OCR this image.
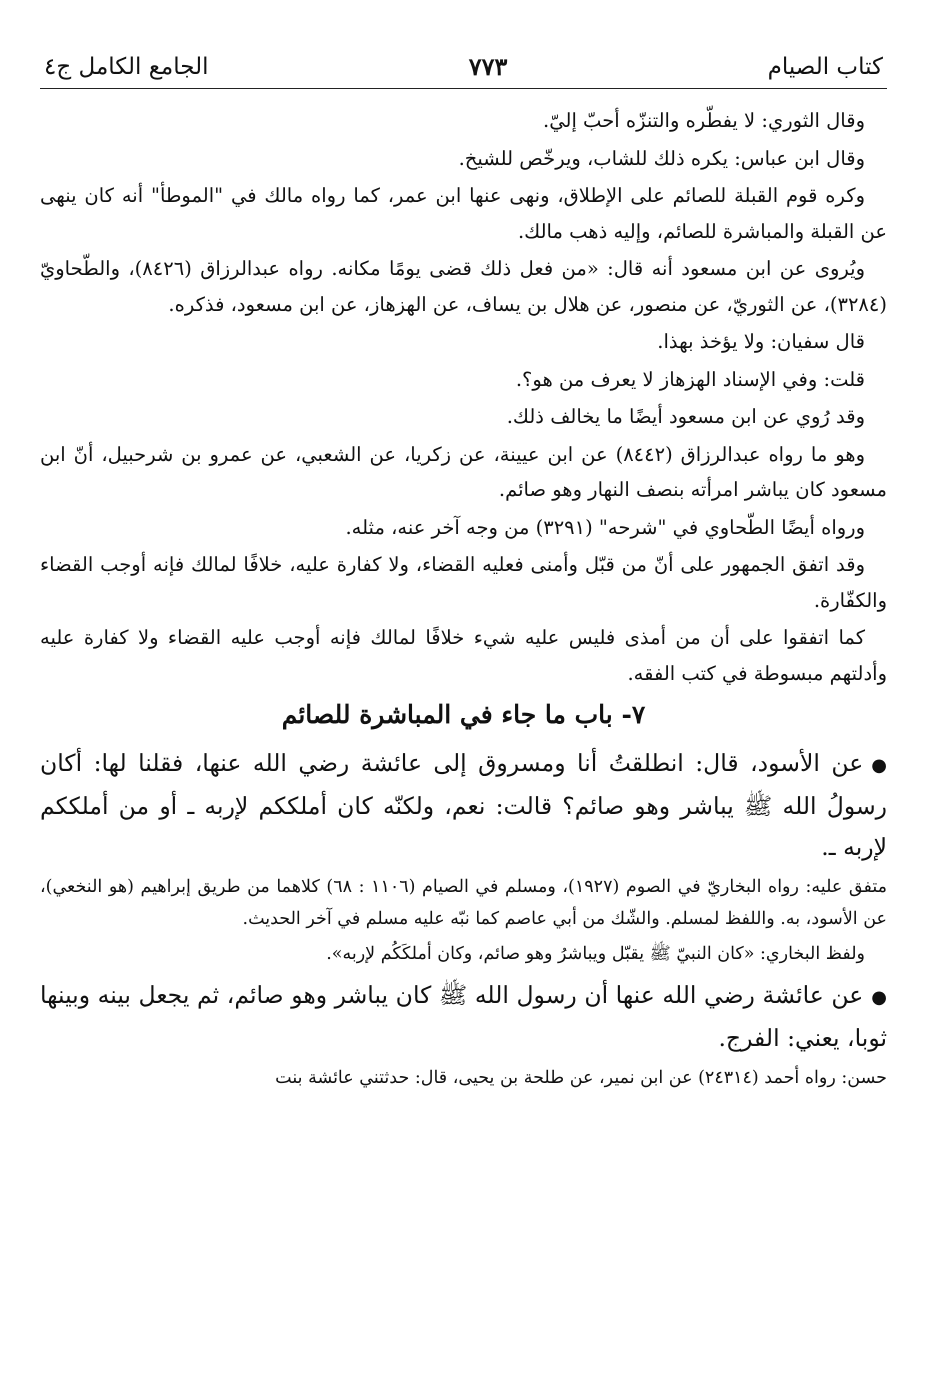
كتاب الصيام
٧٧٣
الجامع الكامل ج٤

وقال الثوري: لا يفطّره والتنزّه أحبّ إليّ.

وقال ابن عباس: يكره ذلك للشاب، ويرخّص للشيخ.

وكره قوم القبلة للصائم على الإطلاق، ونهى عنها ابن عمر، كما رواه مالك في "الموطأ" أنه كان ينهى عن القبلة والمباشرة للصائم، وإليه ذهب مالك.

ويُروى عن ابن مسعود أنه قال: «من فعل ذلك قضى يومًا مكانه. رواه عبدالرزاق (٨٤٢٦)، والطّحاويّ (٣٢٨٤)، عن الثوريّ، عن منصور، عن هلال بن يساف، عن الهزهاز، عن ابن مسعود، فذكره.

قال سفيان: ولا يؤخذ بهذا.

قلت: وفي الإسناد الهزهاز لا يعرف من هو؟.

وقد رُوي عن ابن مسعود أيضًا ما يخالف ذلك.

وهو ما رواه عبدالرزاق (٨٤٤٢) عن ابن عيينة، عن زكريا، عن الشعبي، عن عمرو بن شرحبيل، أنّ ابن مسعود كان يباشر امرأته بنصف النهار وهو صائم.

ورواه أيضًا الطّحاوي في "شرحه" (٣٢٩١) من وجه آخر عنه، مثله.

وقد اتفق الجمهور على أنّ من قبّل وأمنى فعليه القضاء، ولا كفارة عليه، خلافًا لمالك فإنه أوجب القضاء والكفّارة.

كما اتفقوا على أن من أمذى فليس عليه شيء خلافًا لمالك فإنه أوجب عليه القضاء ولا كفارة عليه وأدلتهم مبسوطة في كتب الفقه.

٧- باب ما جاء في المباشرة للصائم

●عن الأسود، قال: انطلقتُ أنا ومسروق إلى عائشة رضي الله عنها، فقلنا لها: أكان رسولُ الله ﷺ يباشر وهو صائم؟ قالت: نعم، ولكنّه كان أملككم لإربه ـ أو من أملككم لإربه ـ.

متفق عليه: رواه البخاريّ في الصوم (١٩٢٧)، ومسلم في الصيام (١١٠٦ : ٦٨) كلاهما من طريق إبراهيم (هو النخعي)، عن الأسود، به. واللفظ لمسلم. والشّك من أبي عاصم كما نبّه عليه مسلم في آخر الحديث.

ولفظ البخاري: «كان النبيّ ﷺ يقبّل ويباشرُ وهو صائم، وكان أملكَكُم لإربه».

●عن عائشة رضي الله عنها أن رسول الله ﷺ كان يباشر وهو صائم، ثم يجعل بينه وبينها ثوبا، يعني: الفرج.

حسن: رواه أحمد (٢٤٣١٤) عن ابن نمير، عن طلحة بن يحيى، قال: حدثتني عائشة بنت
